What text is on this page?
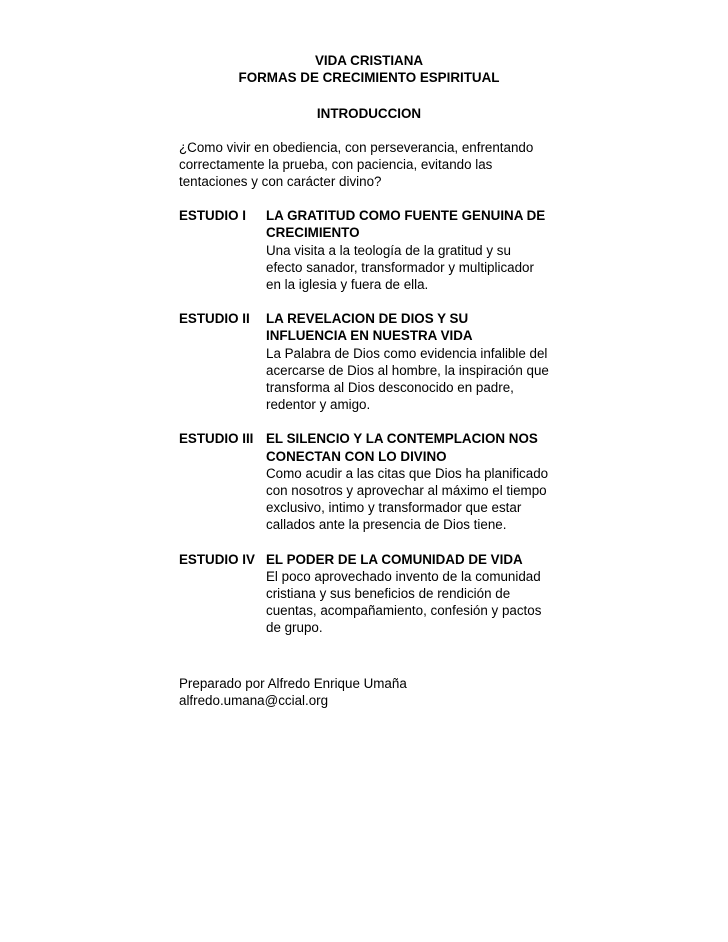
VIDA CRISTIANA
FORMAS DE CRECIMIENTO ESPIRITUAL
INTRODUCCION
¿Como vivir en obediencia, con perseverancia, enfrentando correctamente la prueba, con paciencia, evitando las tentaciones y con carácter divino?
ESTUDIO I	LA GRATITUD COMO FUENTE GENUINA DE CRECIMIENTO
Una visita a la teología de la gratitud y su efecto sanador, transformador y multiplicador en la iglesia y fuera de ella.
ESTUDIO II	LA REVELACION DE DIOS Y SU INFLUENCIA EN NUESTRA VIDA
La Palabra de Dios como evidencia infalible del acercarse de Dios al hombre, la inspiración que transforma al Dios desconocido en padre, redentor y amigo.
ESTUDIO III EL SILENCIO Y LA CONTEMPLACION NOS CONECTAN CON LO DIVINO
Como acudir a las citas que Dios ha planificado con nosotros y aprovechar al máximo el tiempo exclusivo, intimo y transformador que estar callados ante la presencia de Dios tiene.
ESTUDIO IV EL PODER DE LA COMUNIDAD DE VIDA
El poco aprovechado invento de la comunidad cristiana y sus beneficios de rendición de cuentas, acompañamiento, confesión y pactos de grupo.
Preparado por Alfredo Enrique Umaña
alfredo.umana@ccial.org
